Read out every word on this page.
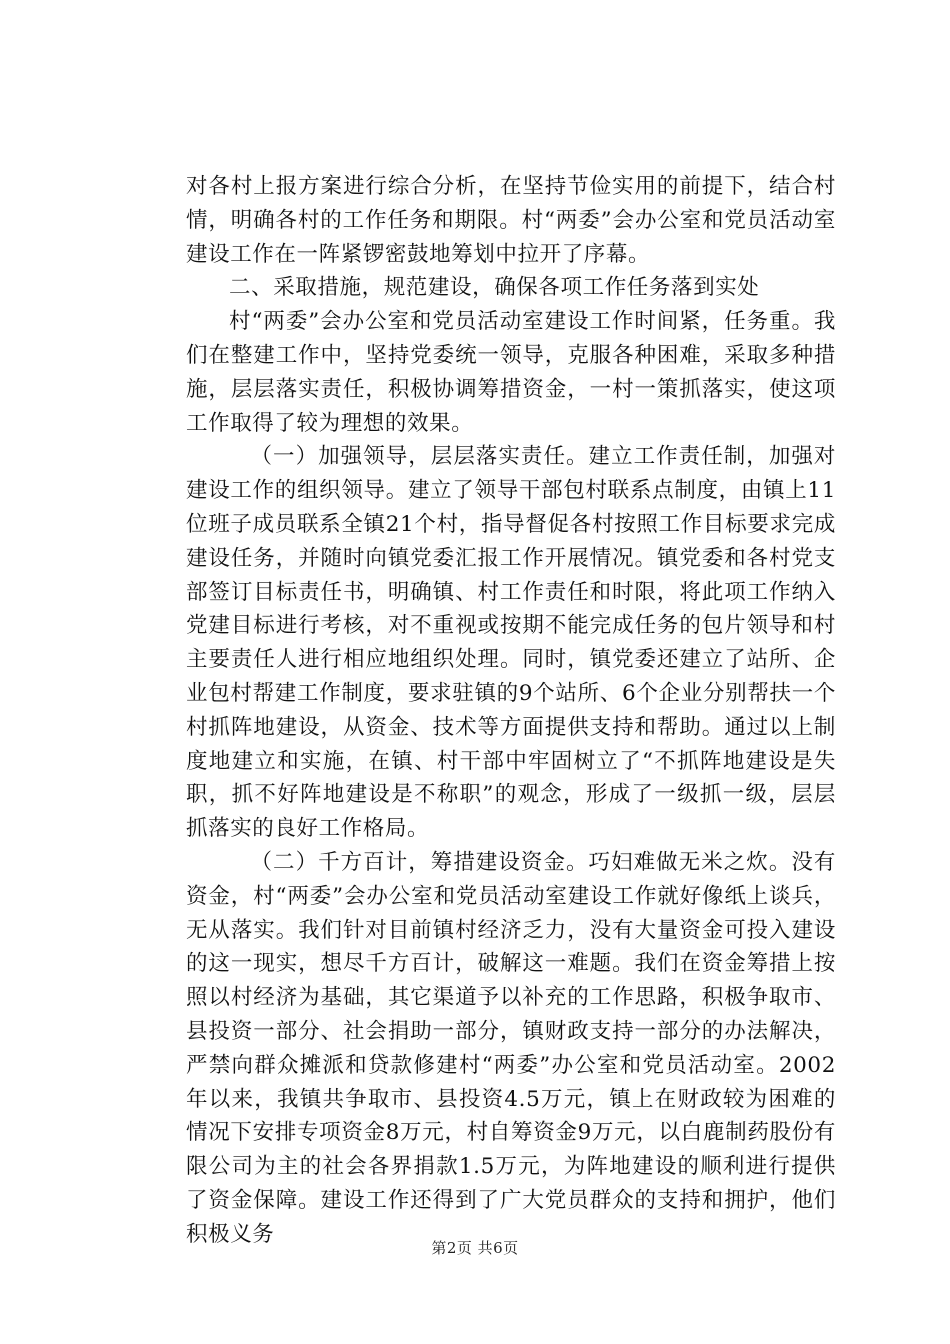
对各村上报方案进行综合分析，在坚持节俭实用的前提下，结合村情，明确各村的工作任务和期限。村“两委”会办公室和党员活动室建设工作在一阵紧锣密鼓地筹划中拉开了序幕。

二、采取措施，规范建设，确保各项工作任务落到实处

村“两委”会办公室和党员活动室建设工作时间紧，任务重。我们在整建工作中，坚持党委统一领导，克服各种困难，采取多种措施，层层落实责任，积极协调筹措资金，一村一策抓落实，使这项工作取得了较为理想的效果。

（一）加强领导，层层落实责任。建立工作责任制，加强对建设工作的组织领导。建立了领导干部包村联系点制度，由镇上11位班子成员联系全镇21个村，指导督促各村按照工作目标要求完成建设任务，并随时向镇党委汇报工作开展情况。镇党委和各村党支部签订目标责任书，明确镇、村工作责任和时限，将此项工作纳入党建目标进行考核，对不重视或按期不能完成任务的包片领导和村主要责任人进行相应地组织处理。同时，镇党委还建立了站所、企业包村帮建工作制度，要求驻镇的9个站所、6个企业分别帮扶一个村抓阵地建设，从资金、技术等方面提供支持和帮助。通过以上制度地建立和实施，在镇、村干部中牢固树立了“不抓阵地建设是失职，抓不好阵地建设是不称职”的观念，形成了一级抓一级，层层抓落实的良好工作格局。

（二）千方百计，筹措建设资金。巧妇难做无米之炊。没有资金，村“两委”会办公室和党员活动室建设工作就好像纸上谈兵，无从落实。我们针对目前镇村经济乏力，没有大量资金可投入建设的这一现实，想尽千方百计，破解这一难题。我们在资金筹措上按照以村经济为基础，其它渠道予以补充的工作思路，积极争取市、县投资一部分、社会捐助一部分，镇财政支持一部分的办法解决，严禁向群众摊派和贷款修建村“两委”办公室和党员活动室。2002年以来，我镇共争取市、县投资4.5万元，镇上在财政较为困难的情况下安排专项资金8万元，村自筹资金9万元，以白鹿制药股份有限公司为主的社会各界捐款1.5万元，为阵地建设的顺利进行提供了资金保障。建设工作还得到了广大党员群众的支持和拥护，他们积极义务

第2页 共6页
